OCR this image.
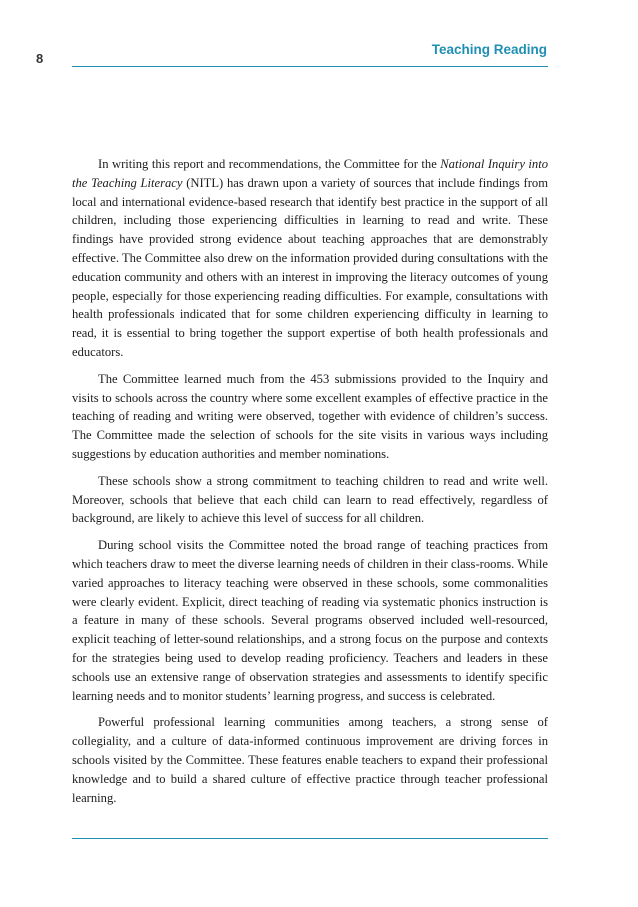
8
Teaching Reading

In writing this report and recommendations, the Committee for the National Inquiry into the Teaching Literacy (NITL) has drawn upon a variety of sources that include findings from local and international evidence-based research that identify best practice in the support of all children, including those experiencing difficulties in learning to read and write. These findings have provided strong evidence about teaching approaches that are demonstrably effective. The Committee also drew on the information provided during consultations with the education community and others with an interest in improving the literacy outcomes of young people, especially for those experiencing reading difficulties. For example, consultations with health professionals indicated that for some children experiencing difficulty in learning to read, it is essential to bring together the support expertise of both health professionals and educators.

The Committee learned much from the 453 submissions provided to the Inquiry and visits to schools across the country where some excellent examples of effective practice in the teaching of reading and writing were observed, together with evidence of children’s success. The Committee made the selection of schools for the site visits in various ways including suggestions by education authorities and member nominations.

These schools show a strong commitment to teaching children to read and write well. Moreover, schools that believe that each child can learn to read effectively, regardless of background, are likely to achieve this level of success for all children.

During school visits the Committee noted the broad range of teaching practices from which teachers draw to meet the diverse learning needs of children in their class-rooms. While varied approaches to literacy teaching were observed in these schools, some commonalities were clearly evident. Explicit, direct teaching of reading via systematic phonics instruction is a feature in many of these schools. Several programs observed included well-resourced, explicit teaching of letter-sound relationships, and a strong focus on the purpose and contexts for the strategies being used to develop reading proficiency. Teachers and leaders in these schools use an extensive range of observation strategies and assessments to identify specific learning needs and to monitor students’ learning progress, and success is celebrated.

Powerful professional learning communities among teachers, a strong sense of collegiality, and a culture of data-informed continuous improvement are driving forces in schools visited by the Committee. These features enable teachers to expand their professional knowledge and to build a shared culture of effective practice through teacher professional learning.
